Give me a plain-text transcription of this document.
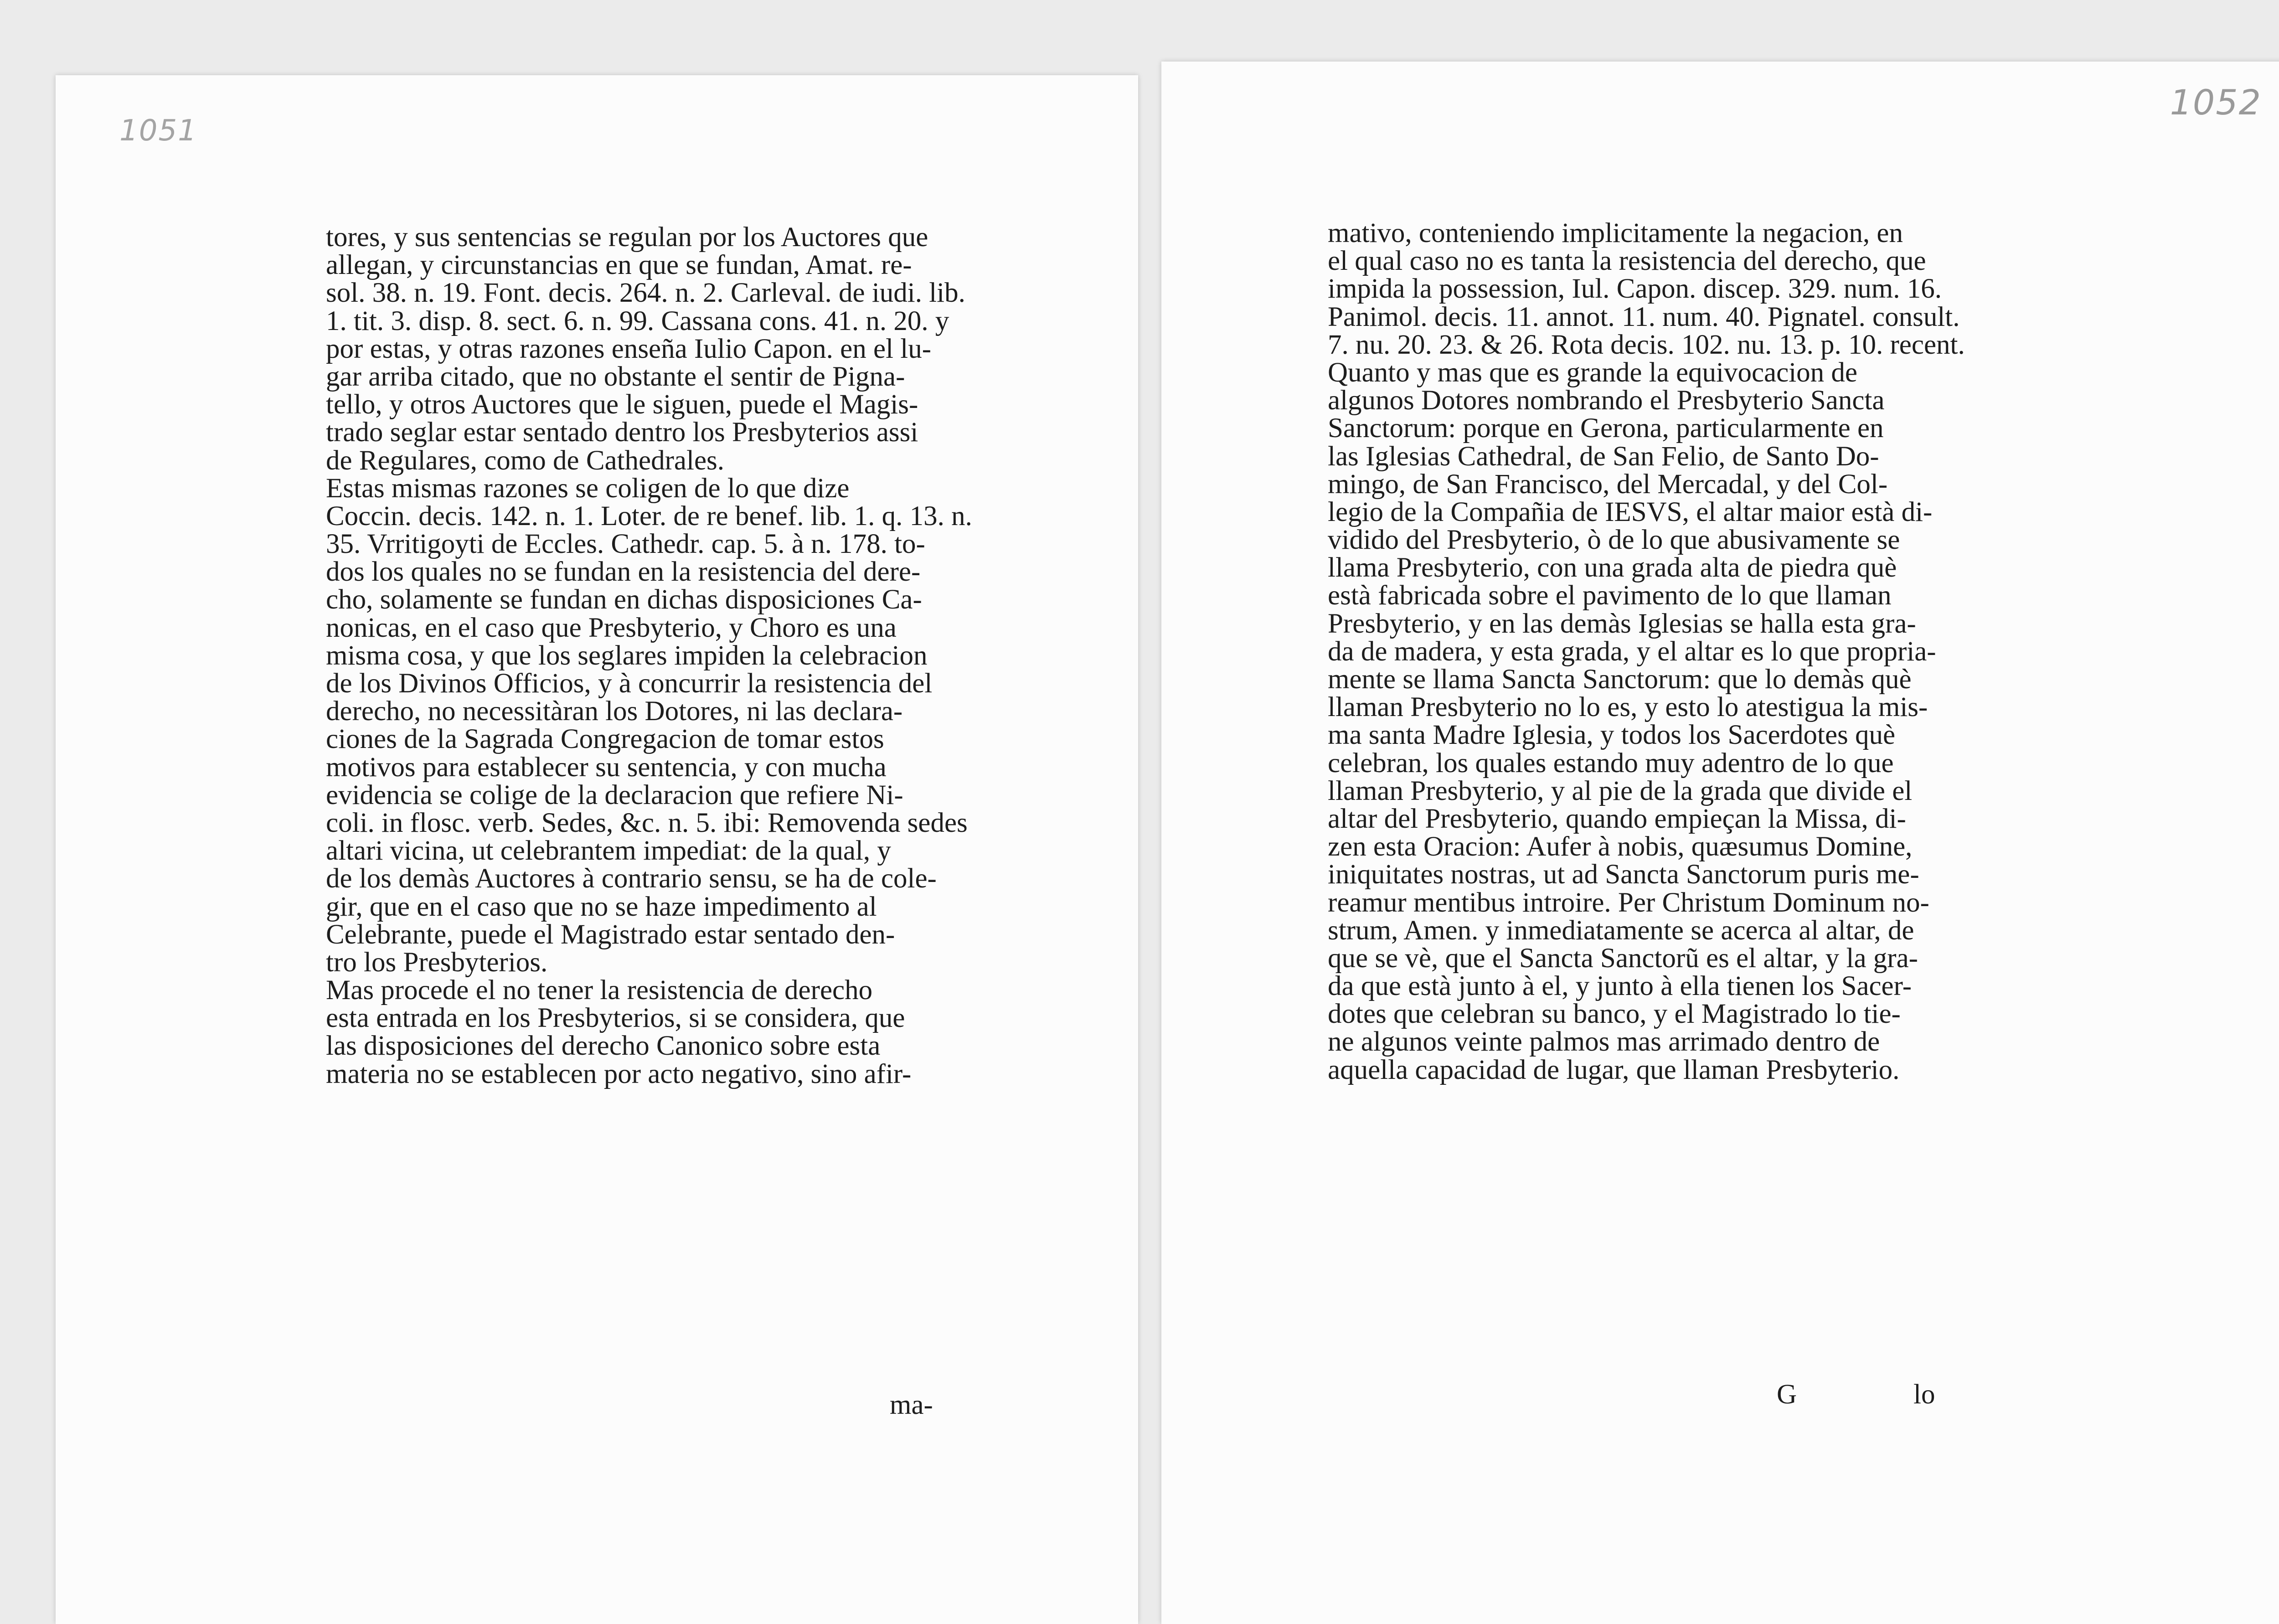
1051
tores, y sus sentencias se regulan por los Auctores que
allegan, y circunstancias en que se fundan, Amat. re-
sol. 38. n. 19. Font. decis. 264. n. 2. Carleval. de iudi. lib.
1. tit. 3. disp. 8. sect. 6. n. 99. Cassana cons. 41. n. 20. y
por estas, y otras razones enseña Iulio Capon. en el lu-
gar arriba citado, que no obstante el sentir de Pigna-
tello, y otros Auctores que le siguen, puede el Magis-
trado seglar estar sentado dentro los Presbyterios assi
de Regulares, como de Cathedrales.
Estas mismas razones se coligen de lo que dize
Coccin. decis. 142. n. 1. Loter. de re benef. lib. 1. q. 13. n.
35. Vrritigoyti de Eccles. Cathedr. cap. 5. à n. 178. to-
dos los quales no se fundan en la resistencia del dere-
cho, solamente se fundan en dichas disposiciones Ca-
nonicas, en el caso que Presbyterio, y Choro es una
misma cosa, y que los seglares impiden la celebracion
de los Divinos Officios, y à concurrir la resistencia del
derecho, no necessitàran los Dotores, ni las declara-
ciones de la Sagrada Congregacion de tomar estos
motivos para establecer su sentencia, y con mucha
evidencia se colige de la declaracion que refiere Ni-
coli. in flosc. verb. Sedes, &c. n. 5. ibi: Removenda sedes
altari vicina, ut celebrantem impediat: de la qual, y
de los demàs Auctores à contrario sensu, se ha de cole-
gir, que en el caso que no se haze impedimento al
Celebrante, puede el Magistrado estar sentado den-
tro los Presbyterios.
Mas procede el no tener la resistencia de derecho
esta entrada en los Presbyterios, si se considera, que
las disposiciones del derecho Canonico sobre esta
materia no se establecen por acto negativo, sino afir-
ma-
1052
mativo, conteniendo implicitamente la negacion, en
el qual caso no es tanta la resistencia del derecho, que
impida la possession, Iul. Capon. discep. 329. num. 16.
Panimol. decis. 11. annot. 11. num. 40. Pignatel. consult.
7. nu. 20. 23. & 26. Rota decis. 102. nu. 13. p. 10. recent.
Quanto y mas que es grande la equivocacion de
algunos Dotores nombrando el Presbyterio Sancta
Sanctorum: porque en Gerona, particularmente en
las Iglesias Cathedral, de San Felio, de Santo Do-
mingo, de San Francisco, del Mercadal, y del Col-
legio de la Compañia de IESVS, el altar maior està di-
vidido del Presbyterio, ò de lo que abusivamente se
llama Presbyterio, con una grada alta de piedra què
està fabricada sobre el pavimento de lo que llaman
Presbyterio, y en las demàs Iglesias se halla esta gra-
da de madera, y esta grada, y el altar es lo que propria-
mente se llama Sancta Sanctorum: que lo demàs què
llaman Presbyterio no lo es, y esto lo atestigua la mis-
ma santa Madre Iglesia, y todos los Sacerdotes què
celebran, los quales estando muy adentro de lo que
llaman Presbyterio, y al pie de la grada que divide el
altar del Presbyterio, quando empieçan la Missa, di-
zen esta Oracion: Aufer à nobis, quæsumus Domine,
iniquitates nostras, ut ad Sancta Sanctorum puris me-
reamur mentibus introire. Per Christum Dominum no-
strum, Amen. y inmediatamente se acerca al altar, de
que se vè, que el Sancta Sanctorũ es el altar, y la gra-
da que està junto à el, y junto à ella tienen los Sacer-
dotes que celebran su banco, y el Magistrado lo tie-
ne algunos veinte palmos mas arrimado dentro de
aquella capacidad de lugar, que llaman Presbyterio.
G	lo
